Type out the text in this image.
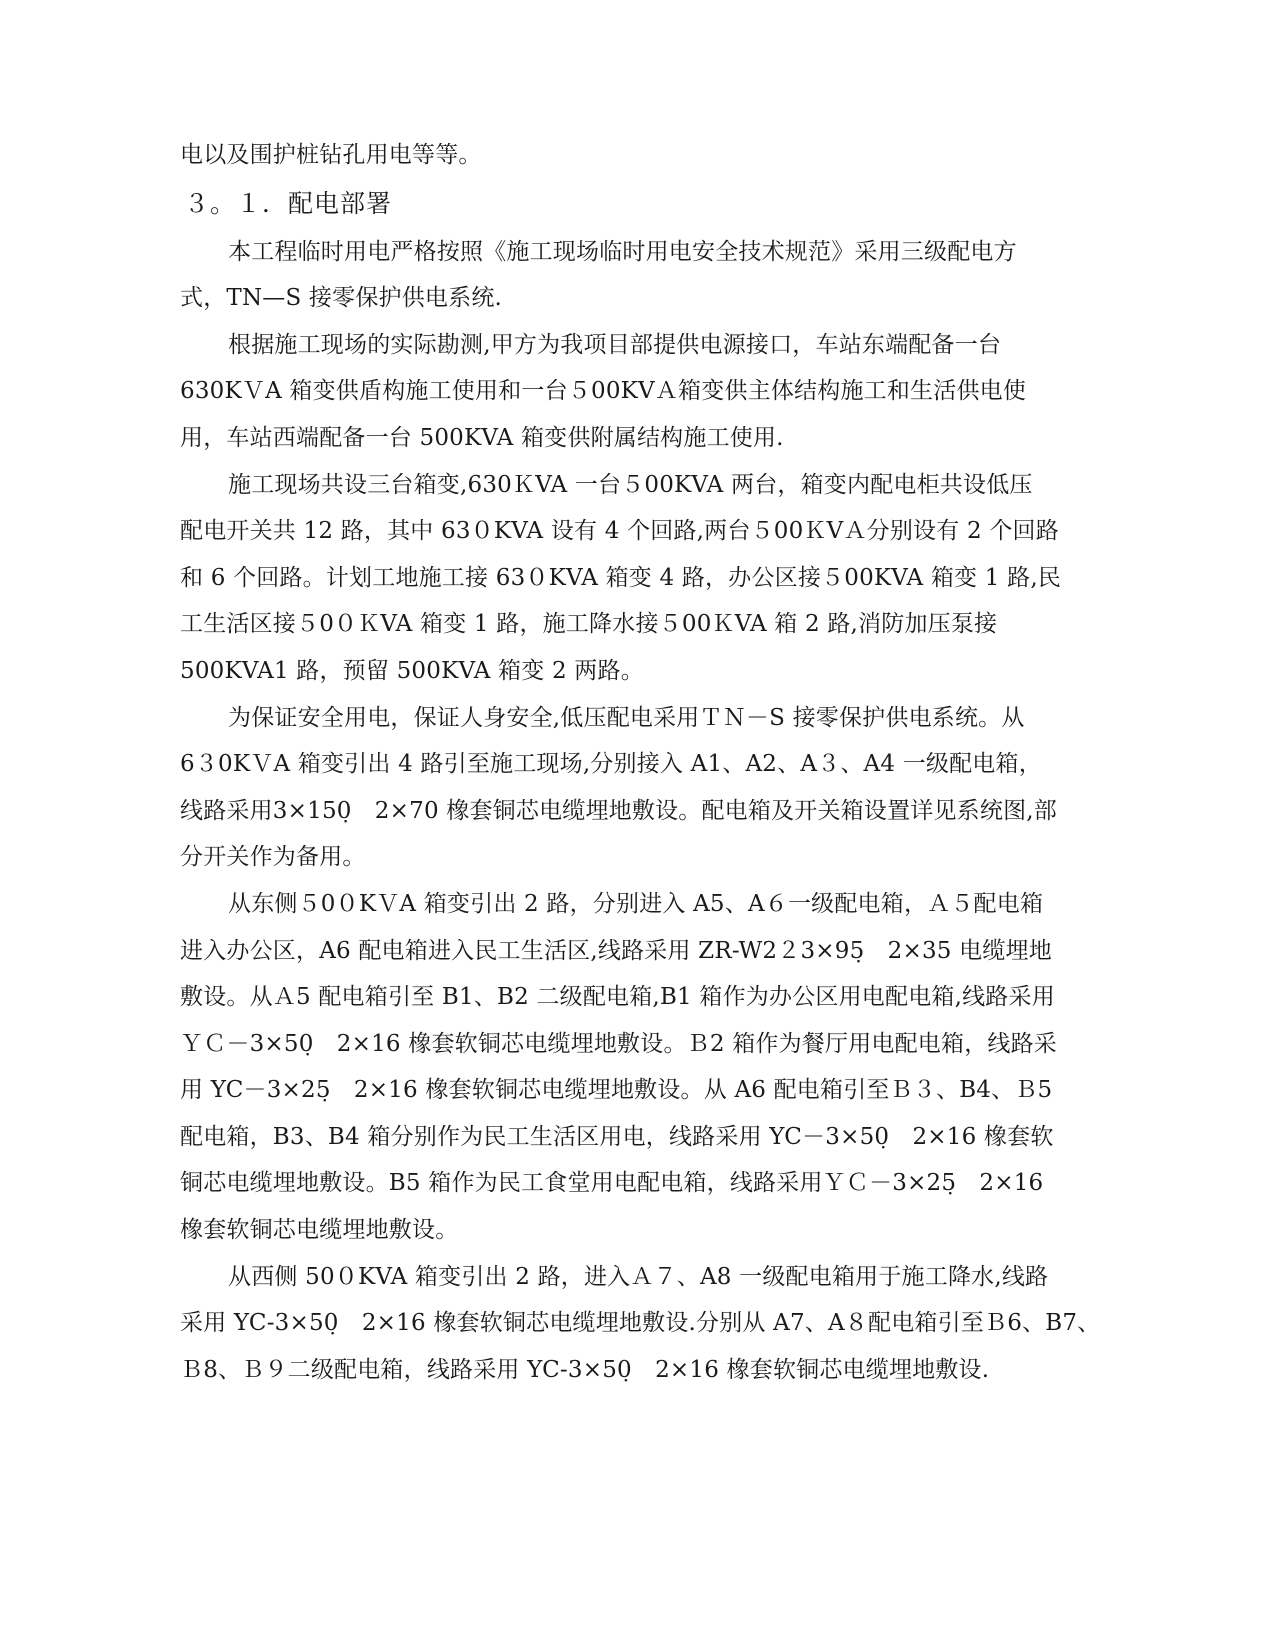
电以及围护桩钻孔用电等等。
３。１．配电部署
本工程临时用电严格按照《施工现场临时用电安全技术规范》采用三级配电方
式，TN—S 接零保护供电系统.
根据施工现场的实际勘测,甲方为我项目部提供电源接口，车站东端配备一台
630KＶA 箱变供盾构施工使用和一台５00KVＡ箱变供主体结构施工和生活供电使
用，车站西端配备一台 500KVA 箱变供附属结构施工使用.
施工现场共设三台箱变,630ＫVA 一台５00KVA 两台，箱变内配电柜共设低压
配电开关共 12 路，其中 63０KVA 设有 4 个回路,两台５00ＫVＡ分别设有 2 个回路
和 6 个回路。计划工地施工接 63０KVA 箱变 4 路，办公区接５00KVA 箱变 1 路,民
工生活区接５0０ＫVA 箱变 1 路，施工降水接５00ＫVA 箱 2 路,消防加压泵接
500KVA1 路，预留 500KVA 箱变 2 两路。
为保证安全用电，保证人身安全,低压配电采用ＴＮ－S 接零保护供电系统。从
6３0KＶA 箱变引出 4 路引至施工现场,分别接入 A1、A2、A３、A4 一级配电箱，
线路采用3×150̣　2×70 橡套铜芯电缆埋地敷设。配电箱及开关箱设置详见系统图,部
分开关作为备用。
从东侧５0０KＶA 箱变引出 2 路，分别进入 A5、A６一级配电箱，Ａ５配电箱
进入办公区，A6 配电箱进入民工生活区,线路采用 ZR-W2２3×95̣　2×35 电缆埋地
敷设。从Ａ5 配电箱引至 B1、B2 二级配电箱,B1 箱作为办公区用电配电箱,线路采用
ＹＣ－3×50̣　2×16 橡套软铜芯电缆埋地敷设。Ｂ2 箱作为餐厅用电配电箱，线路采
用 YC－3×25̣　2×16 橡套软铜芯电缆埋地敷设。从 A6 配电箱引至Ｂ３、B4、Ｂ5
配电箱，B3、B4 箱分别作为民工生活区用电，线路采用 YC－3×50̣　2×16 橡套软
铜芯电缆埋地敷设。B5 箱作为民工食堂用电配电箱，线路采用ＹＣ－3×25̣　2×16
橡套软铜芯电缆埋地敷设。
从西侧 50０KVA 箱变引出 2 路，进入Ａ７、A8 一级配电箱用于施工降水,线路
采用 YC-3×50̣　2×16 橡套软铜芯电缆埋地敷设.分别从 A7、A８配电箱引至Ｂ6、B7、
Ｂ8、Ｂ９二级配电箱，线路采用 YC-3×50̣　2×16 橡套软铜芯电缆埋地敷设.
